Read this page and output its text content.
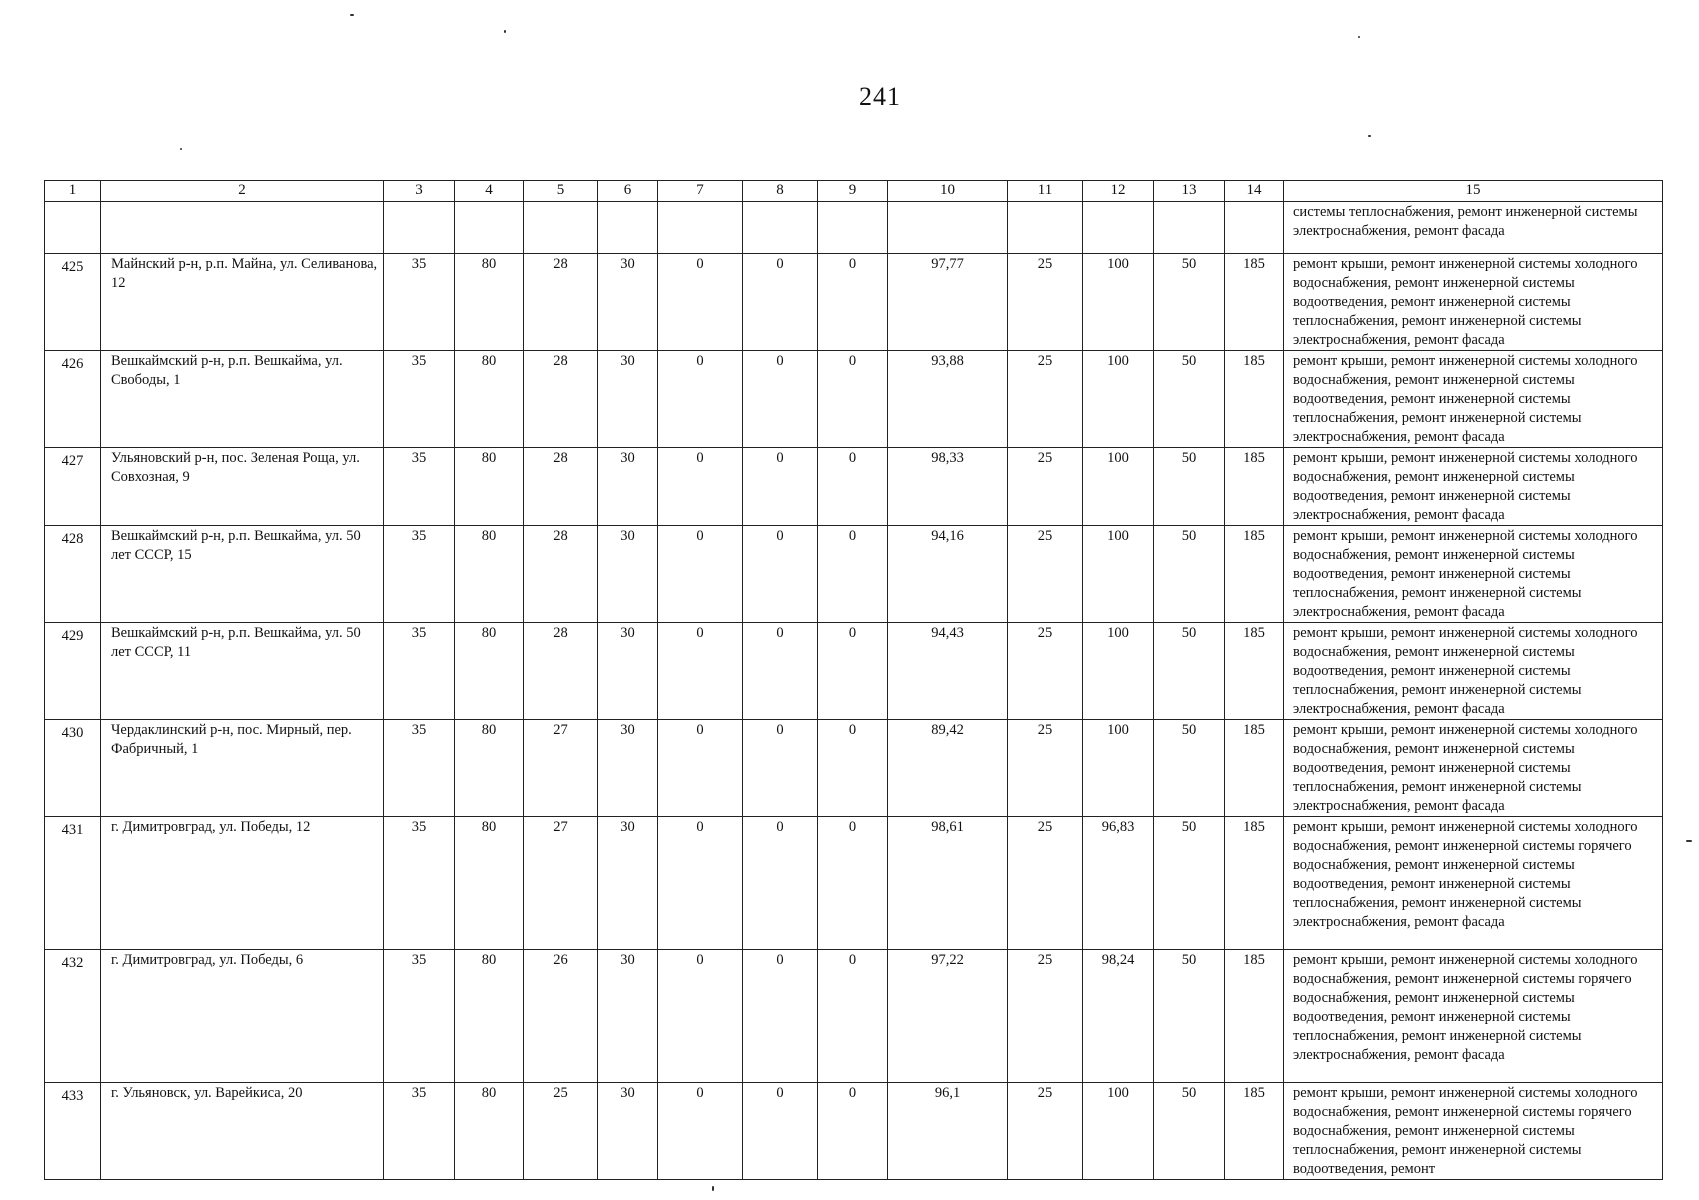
241
1	2	3	4	5	6	7	8	9	10	11	12	13	14	15
														системы теплоснабжения, ремонт инженерной системы электроснабжения, ремонт фасада
425	Майнский р-н, р.п. Майна, ул. Селиванова, 12	35	80	28	30	0	0	0	97,77	25	100	50	185	ремонт крыши, ремонт инженерной системы холодного водоснабжения, ремонт инженерной системы водоотведения, ремонт инженерной системы теплоснабжения, ремонт инженерной системы электроснабжения, ремонт фасада
426	Вешкаймский р-н, р.п. Вешкайма, ул. Свободы, 1	35	80	28	30	0	0	0	93,88	25	100	50	185	ремонт крыши, ремонт инженерной системы холодного водоснабжения, ремонт инженерной системы водоотведения, ремонт инженерной системы теплоснабжения, ремонт инженерной системы электроснабжения, ремонт фасада
427	Ульяновский р-н, пос. Зеленая Роща, ул. Совхозная, 9	35	80	28	30	0	0	0	98,33	25	100	50	185	ремонт крыши, ремонт инженерной системы холодного водоснабжения, ремонт инженерной системы водоотведения, ремонт инженерной системы электроснабжения, ремонт фасада
428	Вешкаймский р-н, р.п. Вешкайма, ул. 50 лет СССР, 15	35	80	28	30	0	0	0	94,16	25	100	50	185	ремонт крыши, ремонт инженерной системы холодного водоснабжения, ремонт инженерной системы водоотведения, ремонт инженерной системы теплоснабжения, ремонт инженерной системы электроснабжения, ремонт фасада
429	Вешкаймский р-н, р.п. Вешкайма, ул. 50 лет СССР, 11	35	80	28	30	0	0	0	94,43	25	100	50	185	ремонт крыши, ремонт инженерной системы холодного водоснабжения, ремонт инженерной системы водоотведения, ремонт инженерной системы теплоснабжения, ремонт инженерной системы электроснабжения, ремонт фасада
430	Чердаклинский р-н, пос. Мирный, пер. Фабричный, 1	35	80	27	30	0	0	0	89,42	25	100	50	185	ремонт крыши, ремонт инженерной системы холодного водоснабжения, ремонт инженерной системы водоотведения, ремонт инженерной системы теплоснабжения, ремонт инженерной системы электроснабжения, ремонт фасада
431	г. Димитровград, ул. Победы, 12	35	80	27	30	0	0	0	98,61	25	96,83	50	185	ремонт крыши, ремонт инженерной системы холодного водоснабжения, ремонт инженерной системы горячего водоснабжения, ремонт инженерной системы водоотведения, ремонт инженерной системы теплоснабжения, ремонт инженерной системы электроснабжения, ремонт фасада
432	г. Димитровград, ул. Победы, 6	35	80	26	30	0	0	0	97,22	25	98,24	50	185	ремонт крыши, ремонт инженерной системы холодного водоснабжения, ремонт инженерной системы горячего водоснабжения, ремонт инженерной системы водоотведения, ремонт инженерной системы теплоснабжения, ремонт инженерной системы электроснабжения, ремонт фасада
433	г. Ульяновск, ул. Варейкиса, 20	35	80	25	30	0	0	0	96,1	25	100	50	185	ремонт крыши, ремонт инженерной системы холодного водоснабжения, ремонт инженерной системы горячего водоснабжения, ремонт инженерной системы теплоснабжения, ремонт инженерной системы водоотведения, ремонт
